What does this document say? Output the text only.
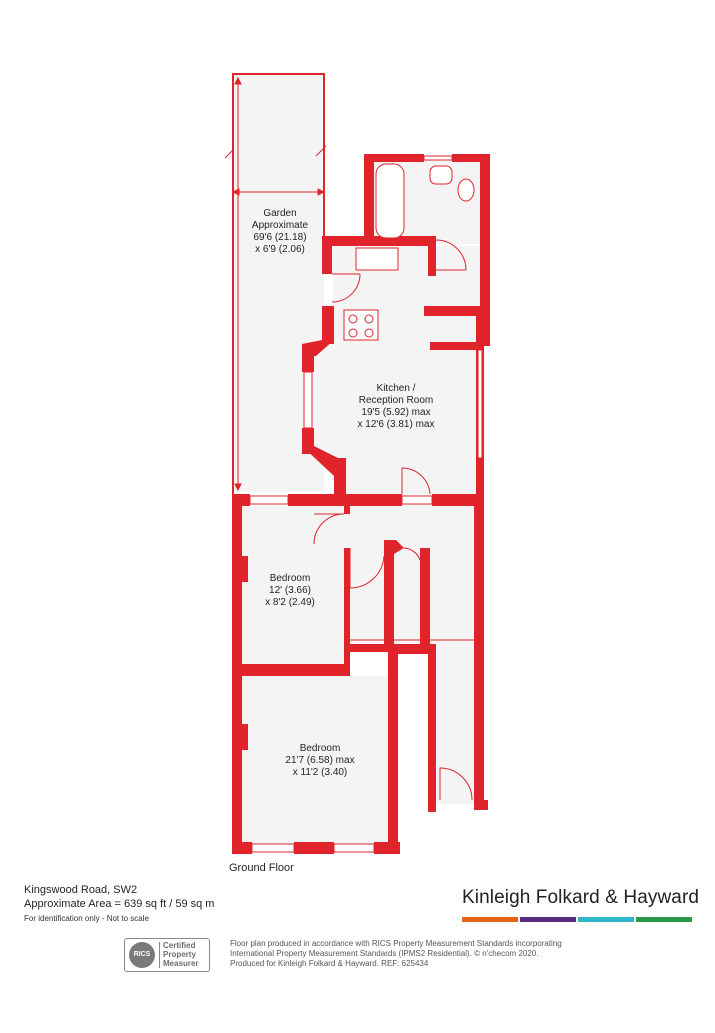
Garden
Approximate
69'6 (21.18)
x 6'9 (2.06)
Kitchen /
Reception Room
19'5 (5.92) max
x 12'6 (3.81) max
Bedroom
12' (3.66)
x 8'2 (2.49)
Bedroom
21'7 (6.58) max
x 11'2 (3.40)
Ground Floor
Kingswood Road, SW2
Approximate Area = 639 sq ft / 59 sq m
For identification only - Not to scale
Kinleigh Folkard & Hayward
RICS
Certified
Property
Measurer
Floor plan produced in accordance with RICS Property Measurement Standards incorporating
International Property Measurement Standards (IPMS2 Residential). © n'checom 2020.
Produced for Kinleigh Folkard & Hayward. REF: 625434
